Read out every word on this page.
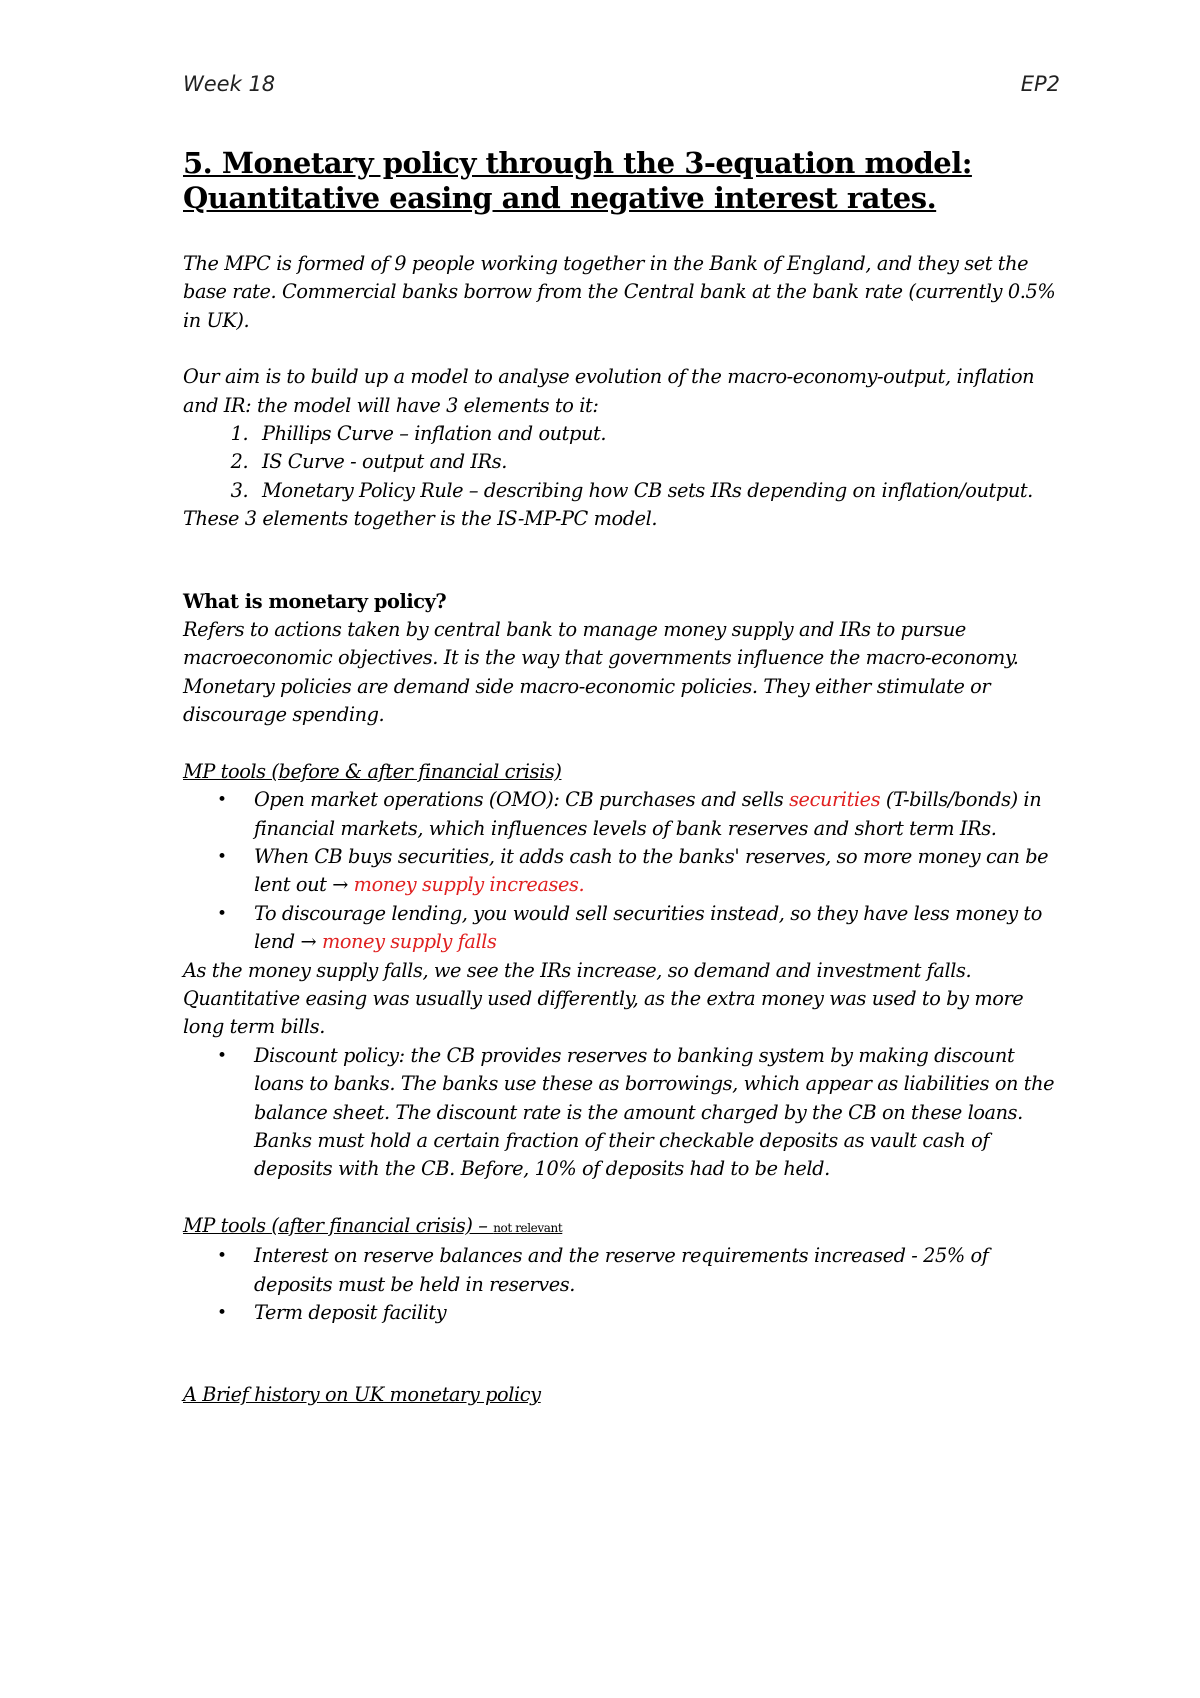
Week 18	EP2
5. Monetary policy through the 3-equation model:
Quantitative easing and negative interest rates.

The MPC is formed of 9 people working together in the Bank of England, and they set the base rate. Commercial banks borrow from the Central bank at the bank rate (currently 0.5% in UK).

Our aim is to build up a model to analyse evolution of the macro-economy-output, inflation and IR: the model will have 3 elements to it:

1. Phillips Curve – inflation and output.
2. IS Curve - output and IRs.
3. Monetary Policy Rule – describing how CB sets IRs depending on inflation/output.

These 3 elements together is the IS-MP-PC model.

What is monetary policy?

Refers to actions taken by central bank to manage money supply and IRs to pursue macroeconomic objectives. It is the way that governments influence the macro-economy.

Monetary policies are demand side macro-economic policies. They either stimulate or discourage spending.

MP tools (before & after financial crisis)

• Open market operations (OMO): CB purchases and sells securities (T-bills/bonds) in financial markets, which influences levels of bank reserves and short term IRs.
• When CB buys securities, it adds cash to the banks' reserves, so more money can be lent out → money supply increases.
• To discourage lending, you would sell securities instead, so they have less money to lend → money supply falls

As the money supply falls, we see the IRs increase, so demand and investment falls. Quantitative easing was usually used differently, as the extra money was used to by more long term bills.

• Discount policy: the CB provides reserves to banking system by making discount loans to banks. The banks use these as borrowings, which appear as liabilities on the balance sheet. The discount rate is the amount charged by the CB on these loans. Banks must hold a certain fraction of their checkable deposits as vault cash of deposits with the CB. Before, 10% of deposits had to be held.

MP tools (after financial crisis) – not relevant

• Interest on reserve balances and the reserve requirements increased - 25% of deposits must be held in reserves.
• Term deposit facility

A Brief history on UK monetary policy
